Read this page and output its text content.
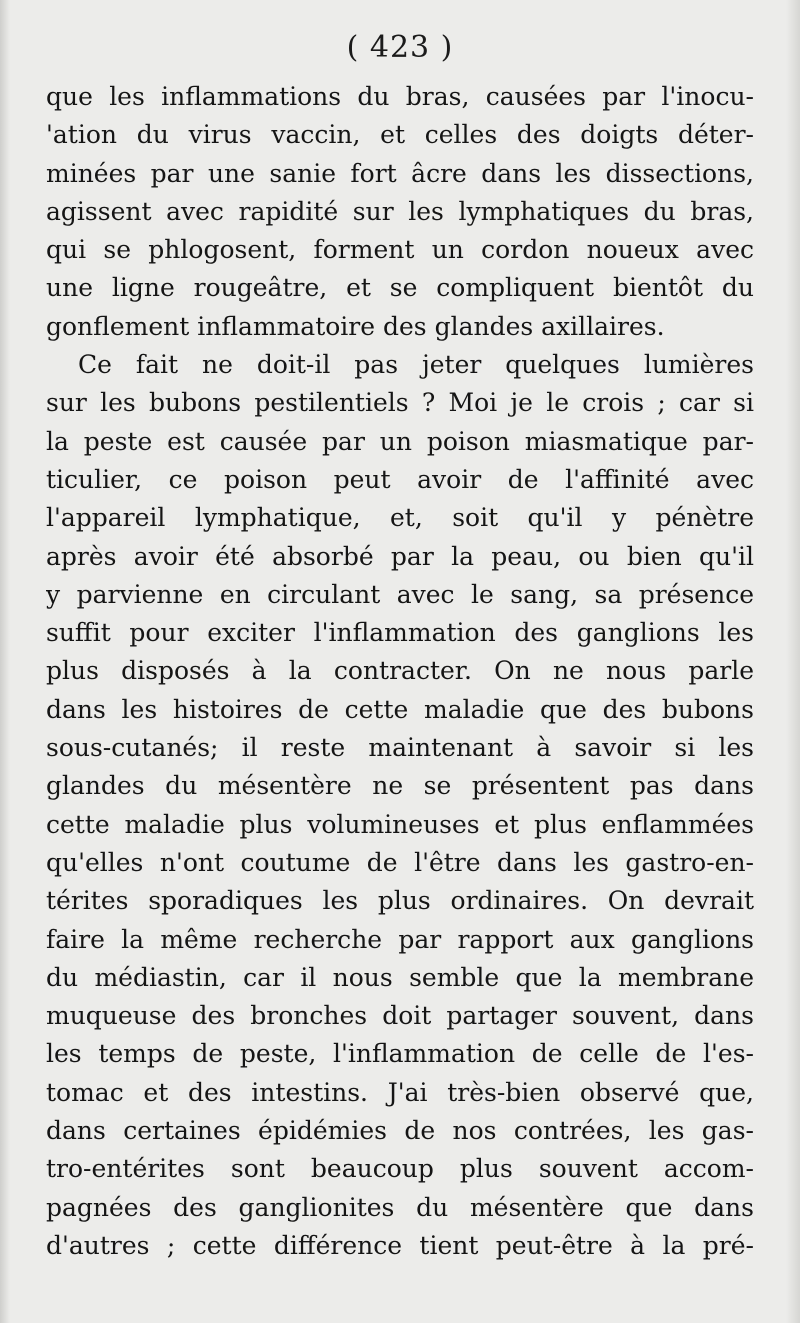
( 423 )
que les inflammations du bras, causées par l'inocu-
'ation du virus vaccin, et celles des doigts déter-
minées par une sanie fort âcre dans les dissections,
agissent avec rapidité sur les lymphatiques du bras,
qui se phlogosent, forment un cordon noueux avec
une ligne rougeâtre, et se compliquent bientôt du
gonflement inflammatoire des glandes axillaires.
Ce fait ne doit-il pas jeter quelques lumières
sur les bubons pestilentiels ? Moi je le crois ; car si
la peste est causée par un poison miasmatique par-
ticulier, ce poison peut avoir de l'affinité avec
l'appareil lymphatique, et, soit qu'il y pénètre
après avoir été absorbé par la peau, ou bien qu'il
y parvienne en circulant avec le sang, sa présence
suffit pour exciter l'inflammation des ganglions les
plus disposés à la contracter. On ne nous parle
dans les histoires de cette maladie que des bubons
sous-cutanés; il reste maintenant à savoir si les
glandes du mésentère ne se présentent pas dans
cette maladie plus volumineuses et plus enflammées
qu'elles n'ont coutume de l'être dans les gastro-en-
térites sporadiques les plus ordinaires. On devrait
faire la même recherche par rapport aux ganglions
du médiastin, car il nous semble que la membrane
muqueuse des bronches doit partager souvent, dans
les temps de peste, l'inflammation de celle de l'es-
tomac et des intestins. J'ai très-bien observé que,
dans certaines épidémies de nos contrées, les gas-
tro-entérites sont beaucoup plus souvent accom-
pagnées des ganglionites du mésentère que dans
d'autres ; cette différence tient peut-être à la pré-
